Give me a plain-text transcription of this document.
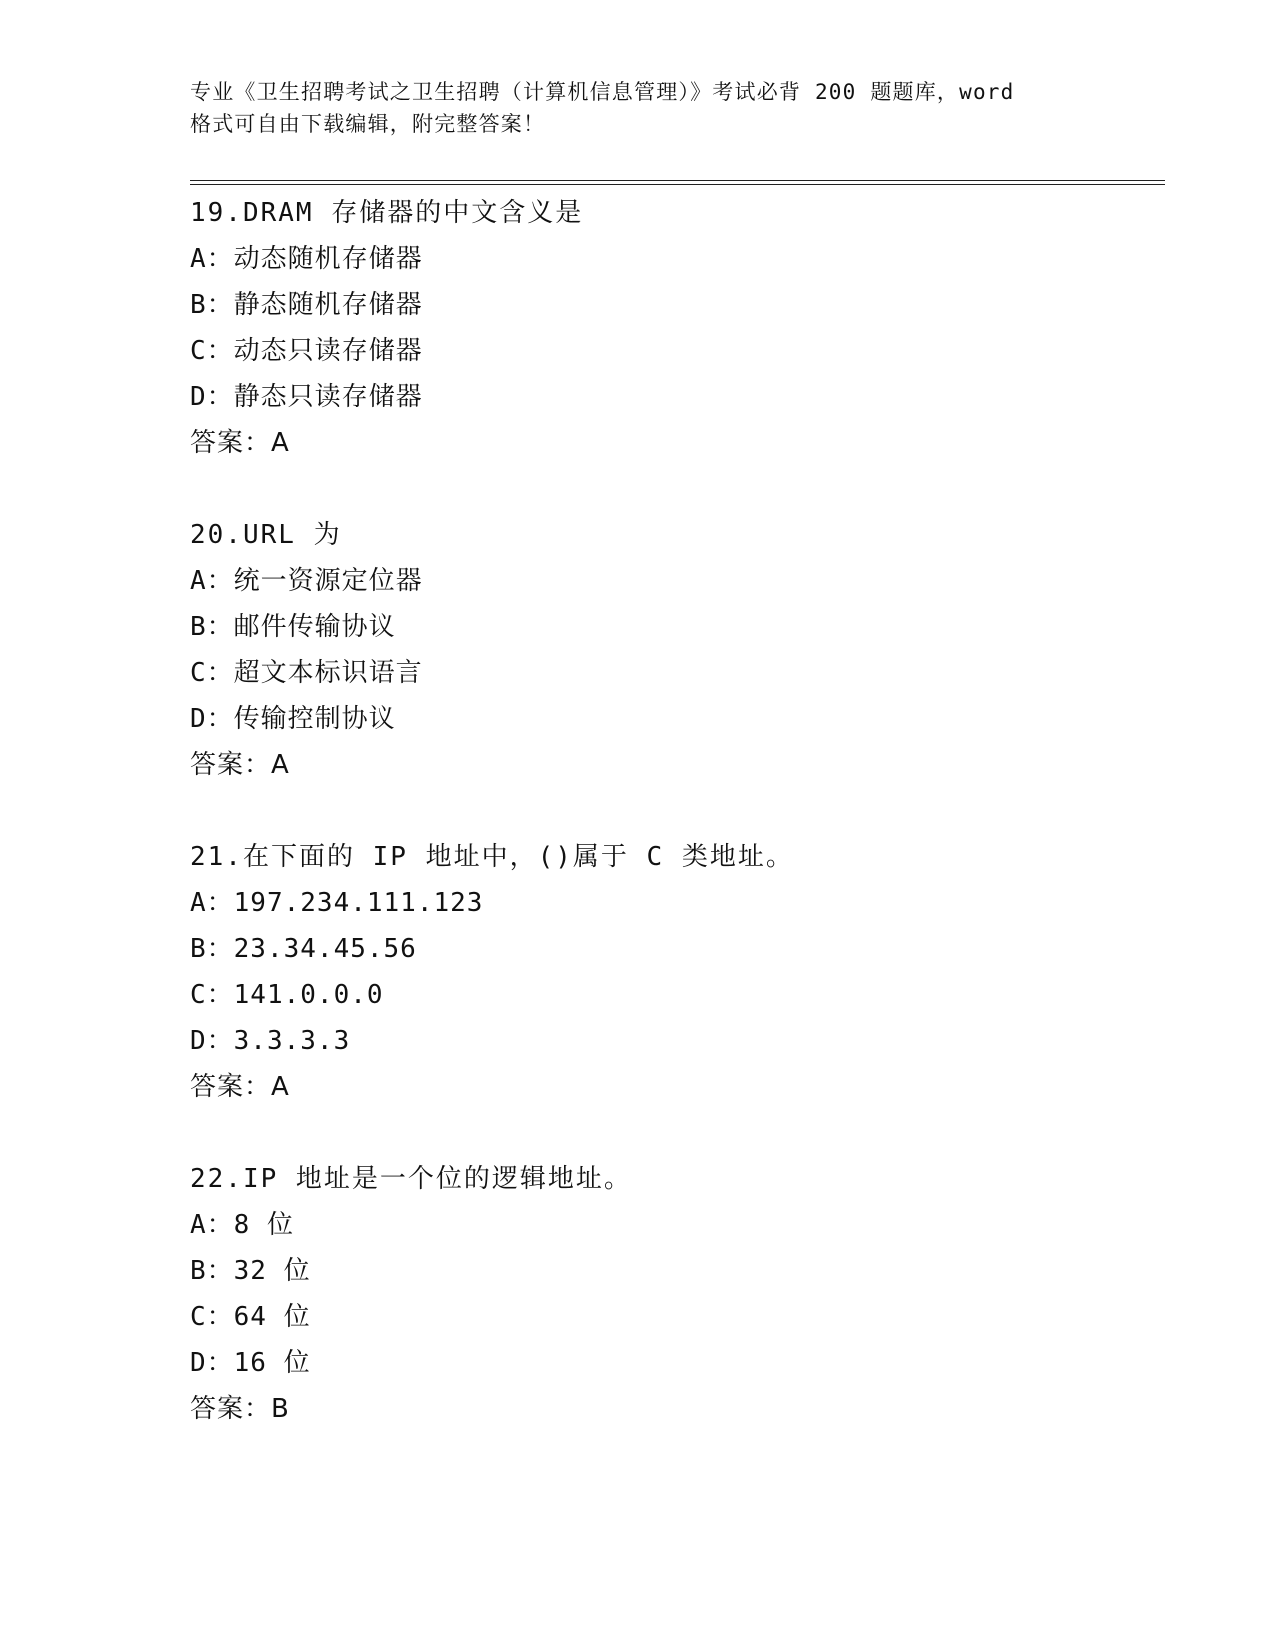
专业《卫生招聘考试之卫生招聘（计算机信息管理）》考试必背 200 题题库，word
格式可自由下载编辑，附完整答案！
19.DRAM 存储器的中文含义是
A：动态随机存储器
B：静态随机存储器
C：动态只读存储器
D：静态只读存储器
答案：A
20.URL 为
A：统一资源定位器
B：邮件传输协议
C：超文本标识语言
D：传输控制协议
答案：A
21.在下面的 IP 地址中，()属于 C 类地址。
A：197.234.111.123
B：23.34.45.56
C：141.0.0.0
D：3.3.3.3
答案：A
22.IP 地址是一个位的逻辑地址。
A：8 位
B：32 位
C：64 位
D：16 位
答案：B
